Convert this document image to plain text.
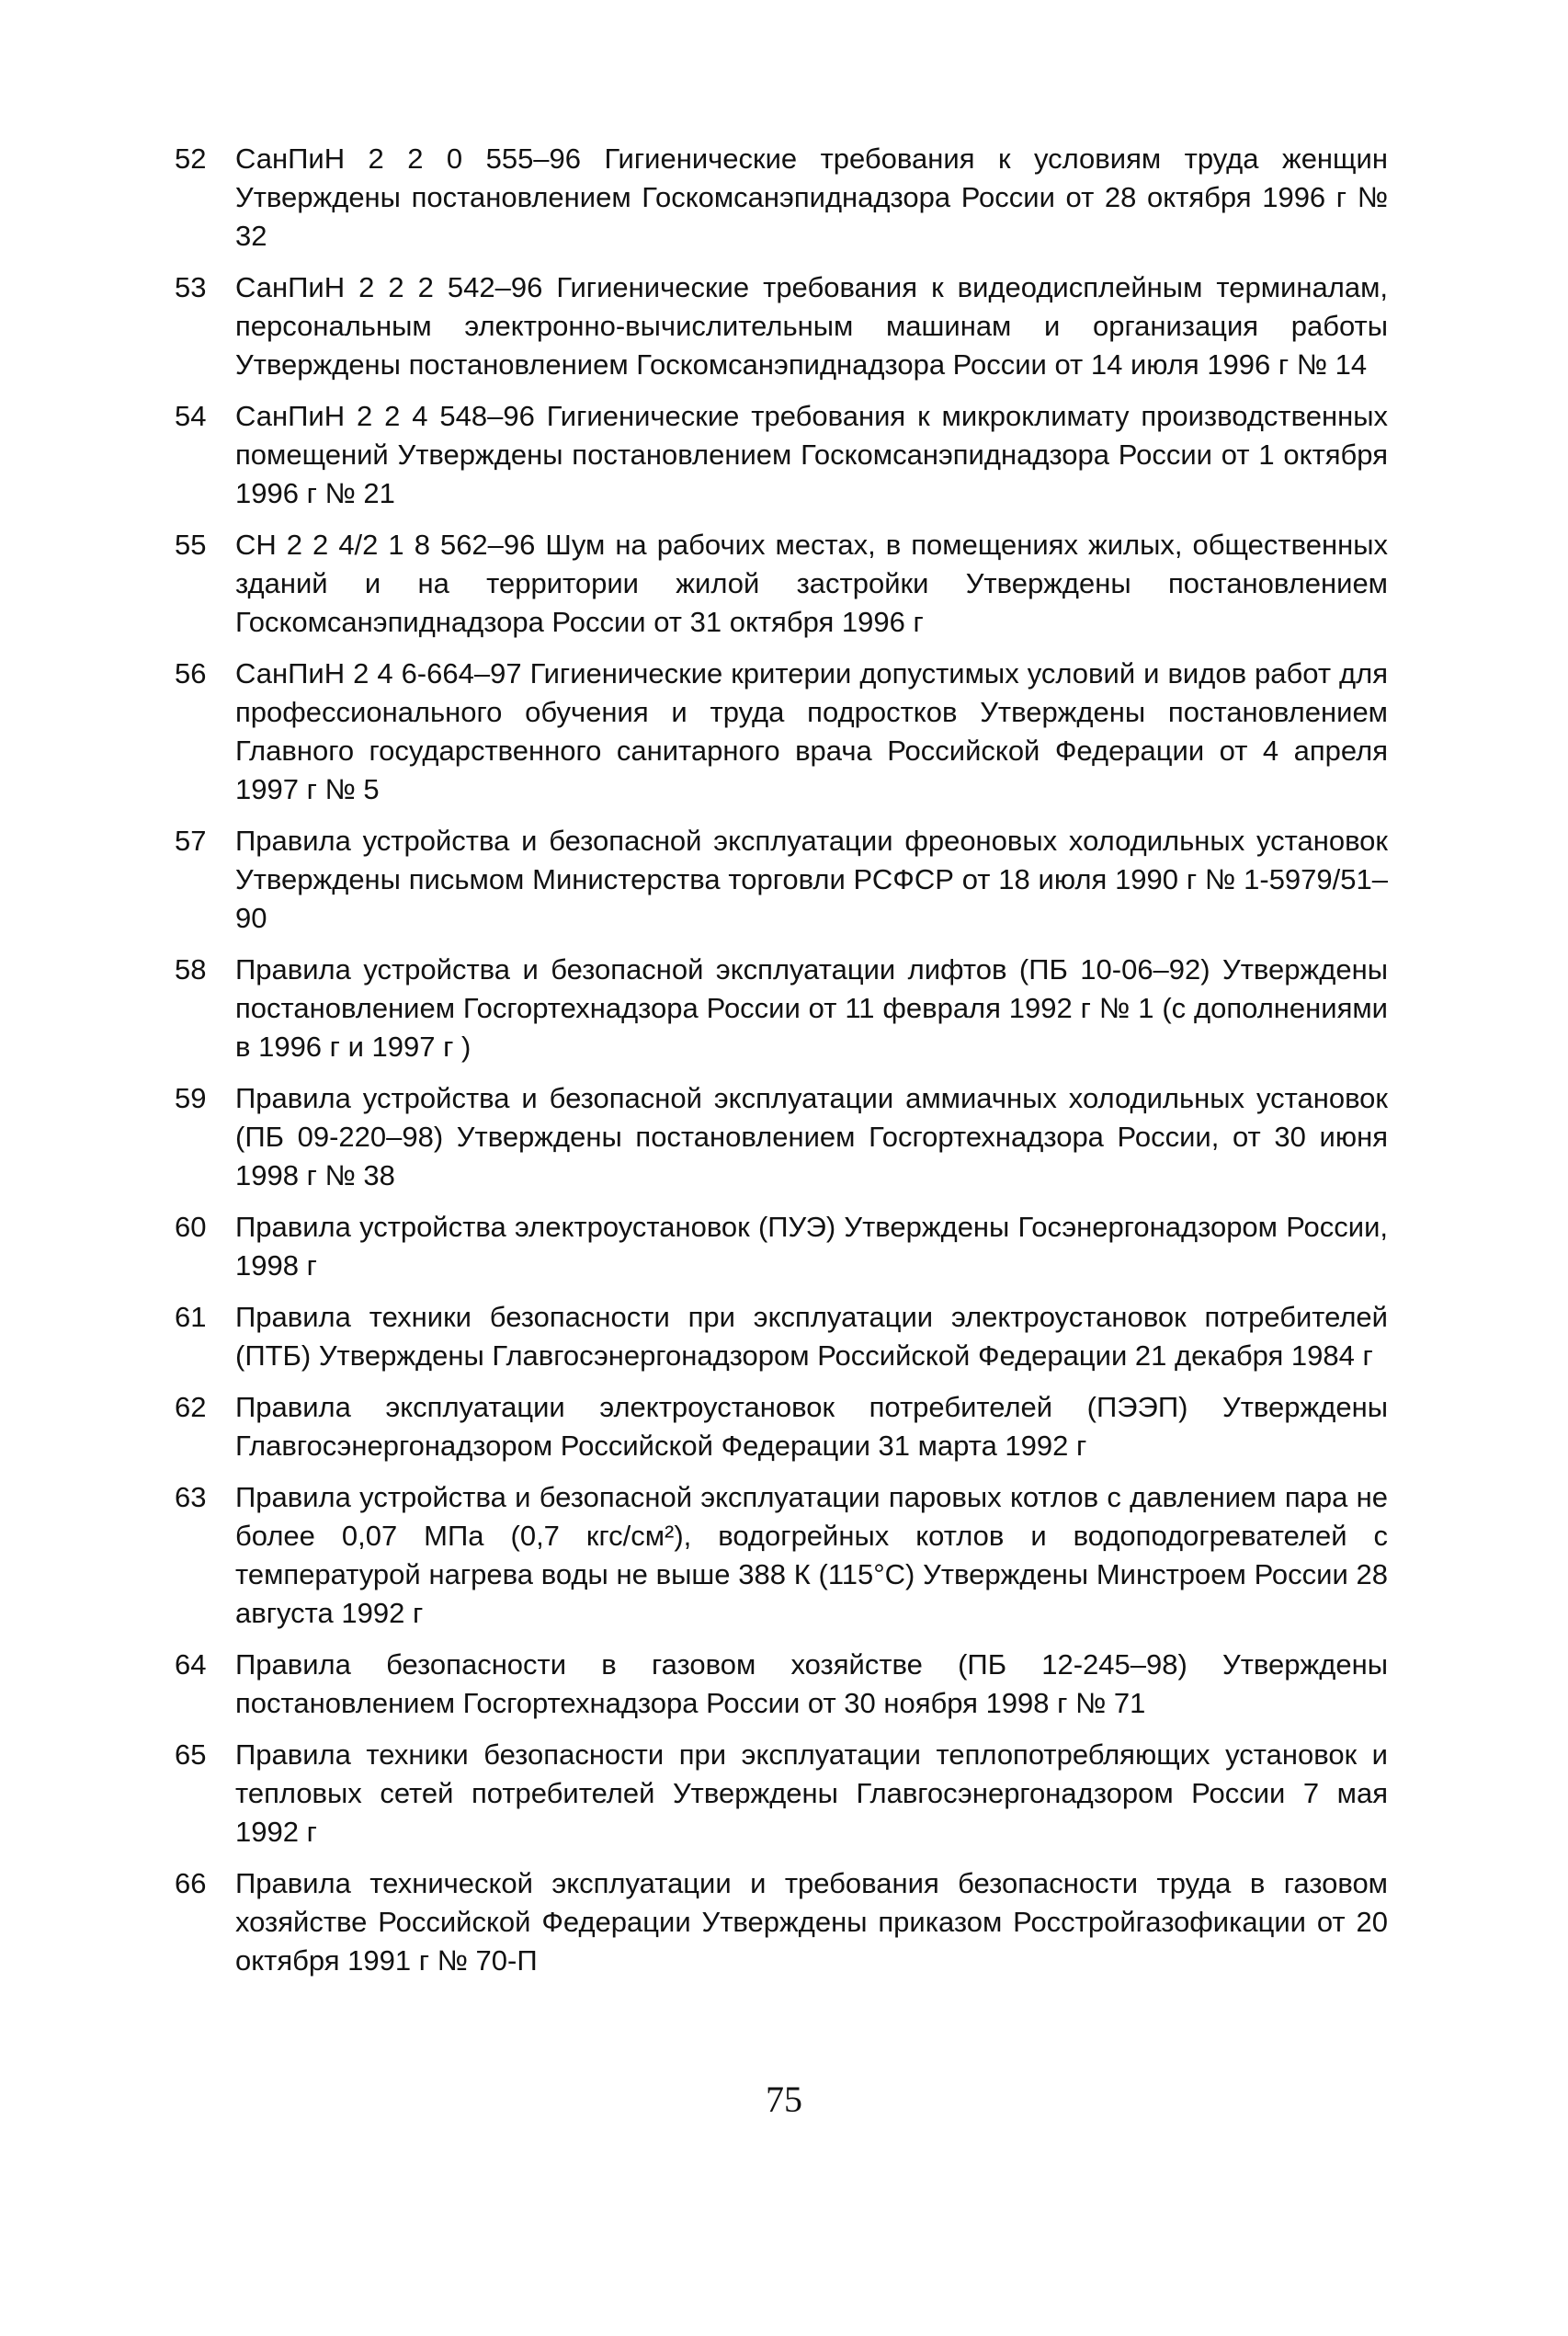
52	СанПиН 2 2 0 555–96 Гигиенические требования к условиям труда женщин Утверждены постановлением Госкомсанэпиднадзора России от 28 октября 1996 г № 32
53	СанПиН 2 2 2 542–96 Гигиенические требования к видеодисплейным терминалам, персональным электронно-вычислительным машинам и организация работы Утверждены постановлением Госкомсанэпиднадзора России от 14 июля 1996 г № 14
54	СанПиН 2 2 4 548–96 Гигиенические требования к микроклимату производственных помещений Утверждены постановлением Госкомсанэпиднадзора России от 1 октября 1996 г № 21
55	СН 2 2 4/2 1 8 562–96 Шум на рабочих местах, в помещениях жилых, общественных зданий и на территории жилой застройки Утверждены постановлением Госкомсанэпиднадзора России от 31 октября 1996 г
56	СанПиН 2 4 6-664–97 Гигиенические критерии допустимых условий и видов работ для профессионального обучения и труда подростков Утверждены постановлением Главного государственного санитарного врача Российской Федерации от 4 апреля 1997 г № 5
57	Правила устройства и безопасной эксплуатации фреоновых холодильных установок Утверждены письмом Министерства торговли РСФСР от 18 июля 1990 г № 1-5979/51–90
58	Правила устройства и безопасной эксплуатации лифтов (ПБ 10-06–92) Утверждены постановлением Госгортехнадзора России от 11 февраля 1992 г № 1 (с дополнениями в 1996 г и 1997 г )
59	Правила устройства и безопасной эксплуатации аммиачных холодильных установок (ПБ 09-220–98) Утверждены постановлением Госгортехнадзора России, от 30 июня 1998 г № 38
60	Правила устройства электроустановок (ПУЭ) Утверждены Госэнергонадзором России, 1998 г
61	Правила техники безопасности при эксплуатации электроустановок потребителей (ПТБ) Утверждены Главгосэнергонадзором Российской Федерации 21 декабря 1984 г
62	Правила эксплуатации электроустановок потребителей (ПЭЭП) Утверждены Главгосэнергонадзором Российской Федерации 31 марта 1992 г
63	Правила устройства и безопасной эксплуатации паровых котлов с давлением пара не более 0,07 МПа (0,7 кгс/см²), водогрейных котлов и водоподогревателей с температурой нагрева воды не выше 388 К (115°С) Утверждены Минстроем России 28 августа 1992 г
64	Правила безопасности в газовом хозяйстве (ПБ 12-245–98) Утверждены постановлением Госгортехнадзора России от 30 ноября 1998 г № 71
65	Правила техники безопасности при эксплуатации теплопотребляющих установок и тепловых сетей потребителей Утверждены Главгосэнергонадзором России 7 мая 1992 г
66	Правила технической эксплуатации и требования безопасности труда в газовом хозяйстве Российской Федерации Утверждены приказом Росстройгазофикации от 20 октября 1991 г № 70-П
75
